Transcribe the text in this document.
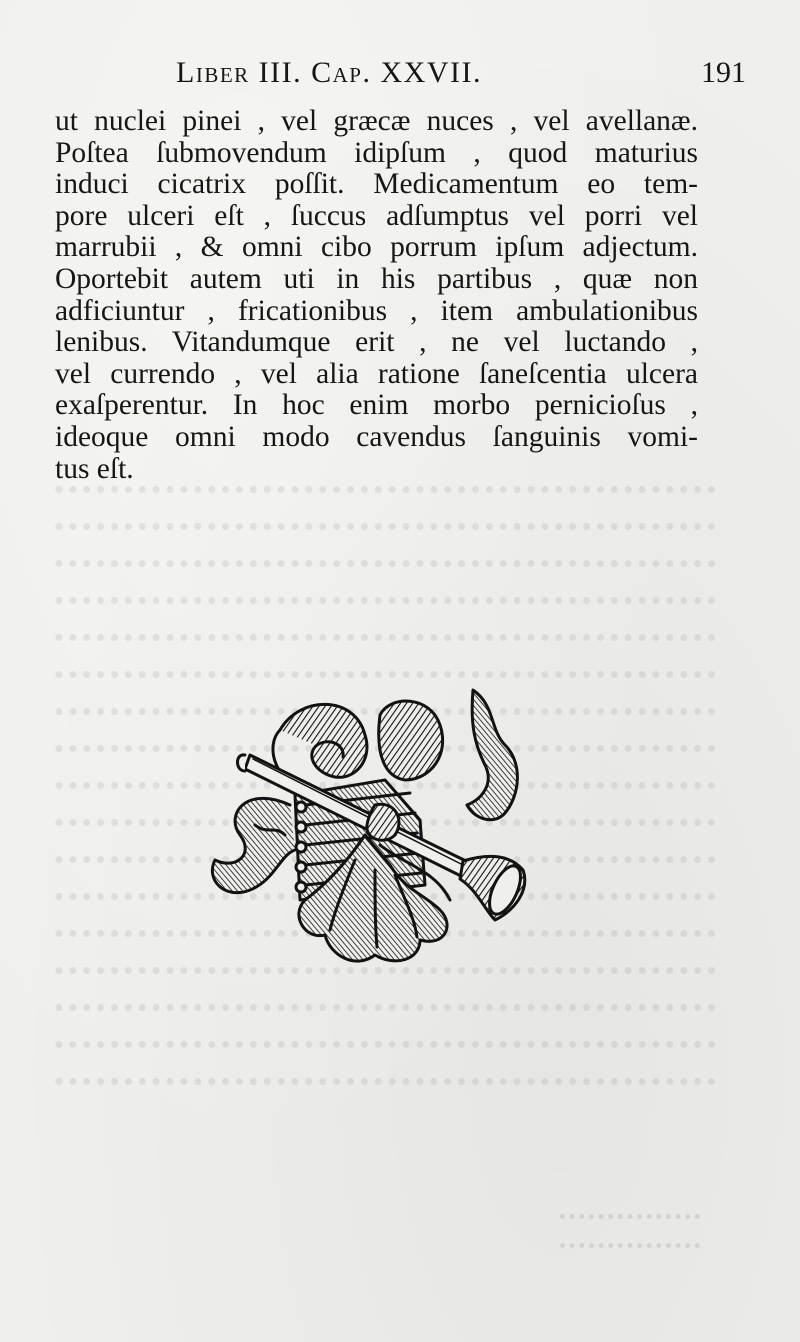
Liber III. Cap. XXVII.	191
ut nuclei pinei , vel græcæ nuces , vel avellanæ.
Poſtea ſubmovendum idipſum , quod maturius
induci cicatrix poſſit. Medicamentum eo tem-
pore ulceri eſt , ſuccus adſumptus vel porri vel
marrubii , & omni cibo porrum ipſum adjectum.
Oportebit autem uti in his partibus , quæ non
adficiuntur , fricationibus , item ambulationibus
lenibus. Vitandumque erit , ne vel luctando ,
vel currendo , vel alia ratione ſaneſcentia ulcera
exaſperentur. In hoc enim morbo pernicioſus ,
ideoque omni modo cavendus ſanguinis vomi-
tus eſt.
